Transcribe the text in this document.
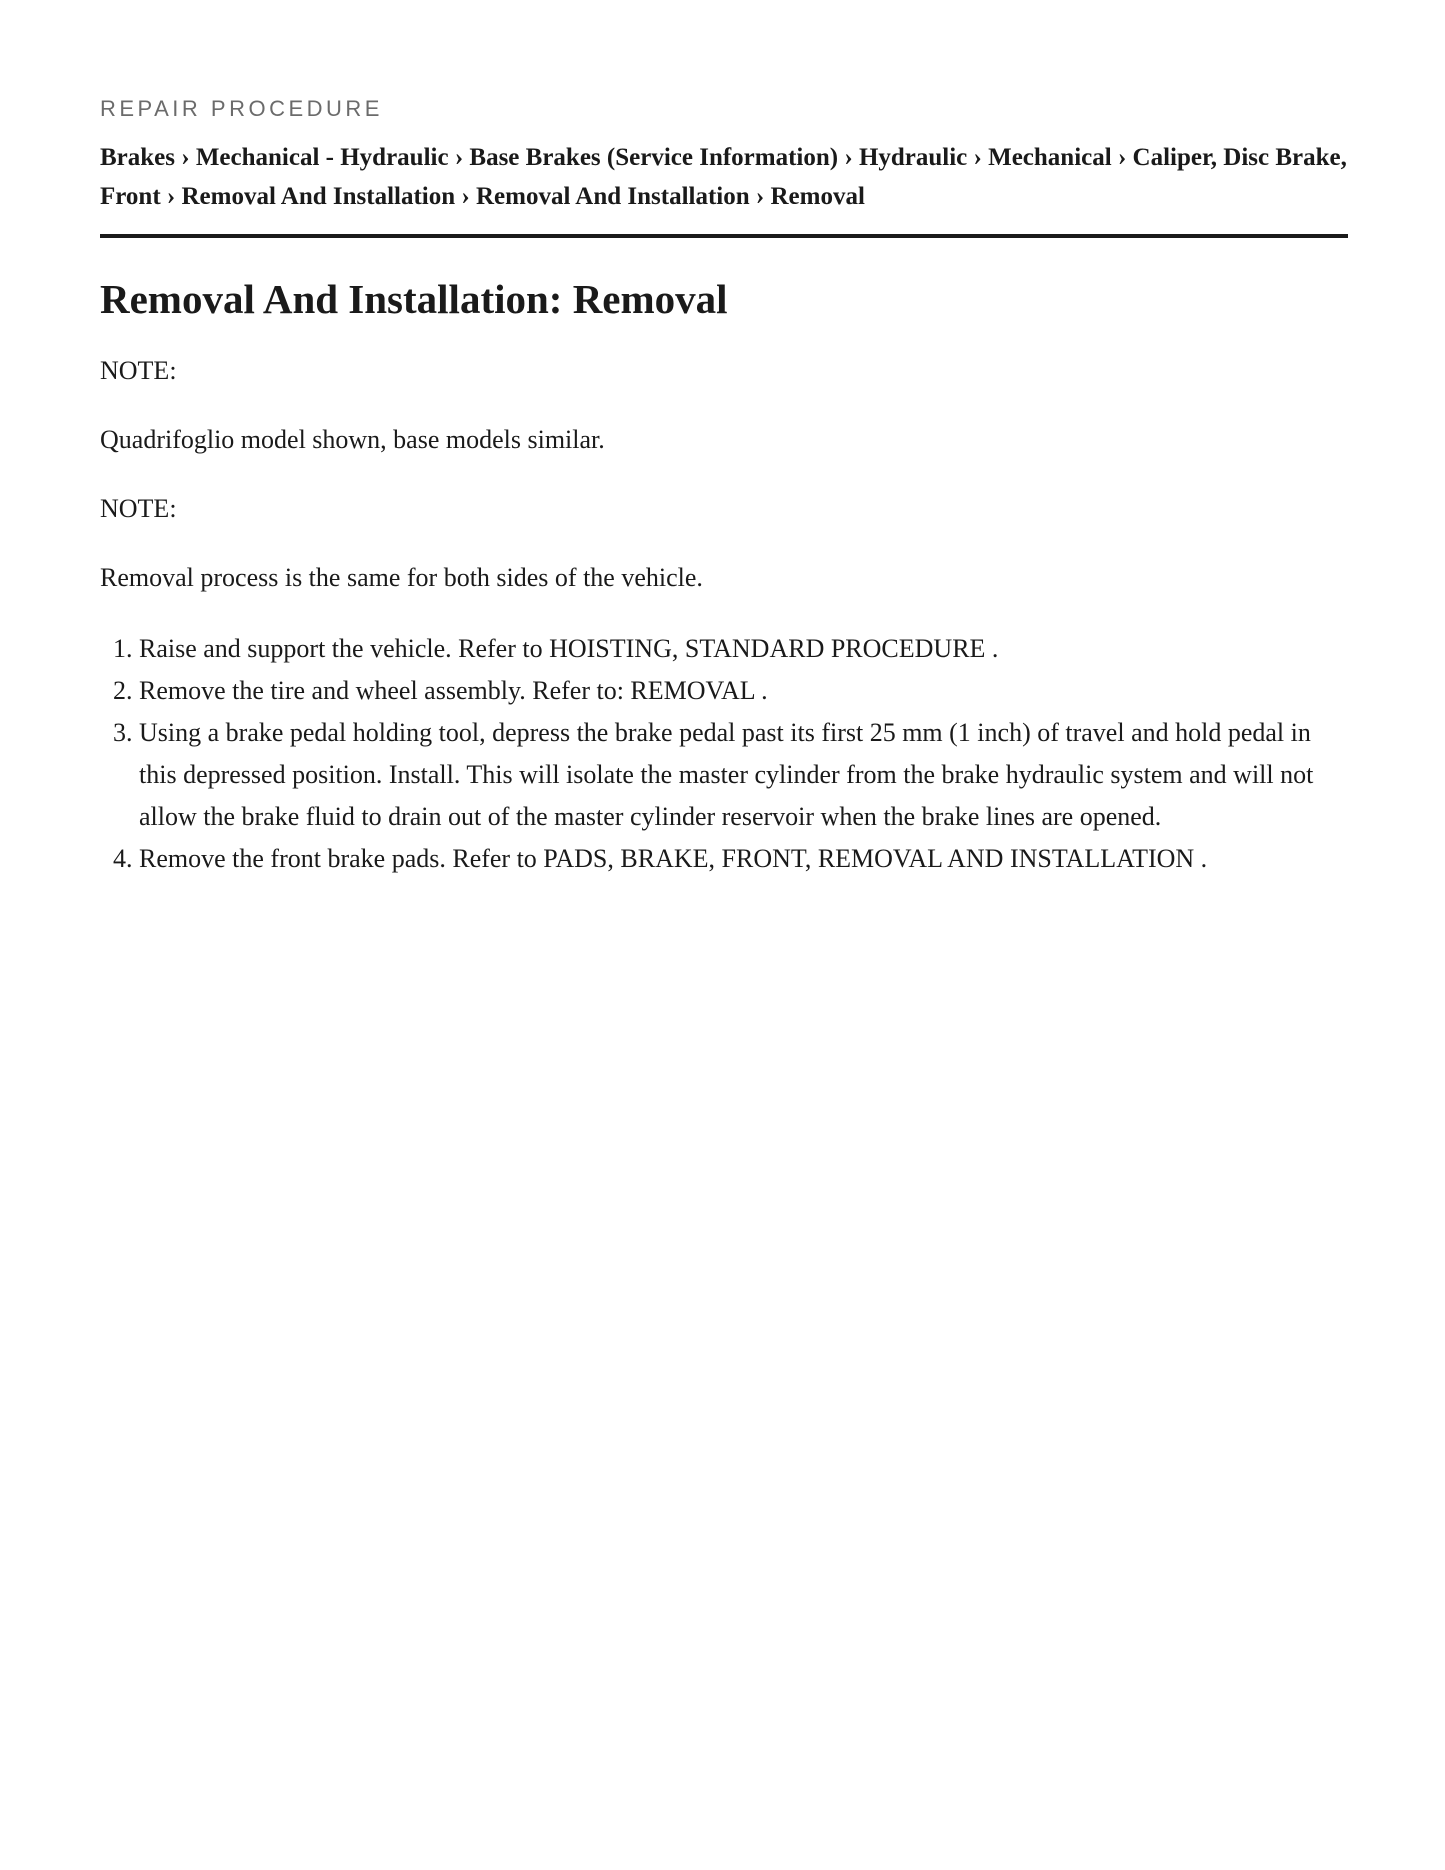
REPAIR PROCEDURE
Brakes › Mechanical - Hydraulic › Base Brakes (Service Information) › Hydraulic › Mechanical › Caliper, Disc Brake, Front › Removal And Installation › Removal And Installation › Removal
Removal And Installation: Removal

NOTE:

Quadrifoglio model shown, base models similar.

NOTE:

Removal process is the same for both sides of the vehicle.

1. Raise and support the vehicle. Refer to HOISTING, STANDARD PROCEDURE .
2. Remove the tire and wheel assembly. Refer to: REMOVAL .
3. Using a brake pedal holding tool, depress the brake pedal past its first 25 mm (1 inch) of travel and hold pedal in this depressed position. Install. This will isolate the master cylinder from the brake hydraulic system and will not allow the brake fluid to drain out of the master cylinder reservoir when the brake lines are opened.
4. Remove the front brake pads. Refer to PADS, BRAKE, FRONT, REMOVAL AND INSTALLATION .
